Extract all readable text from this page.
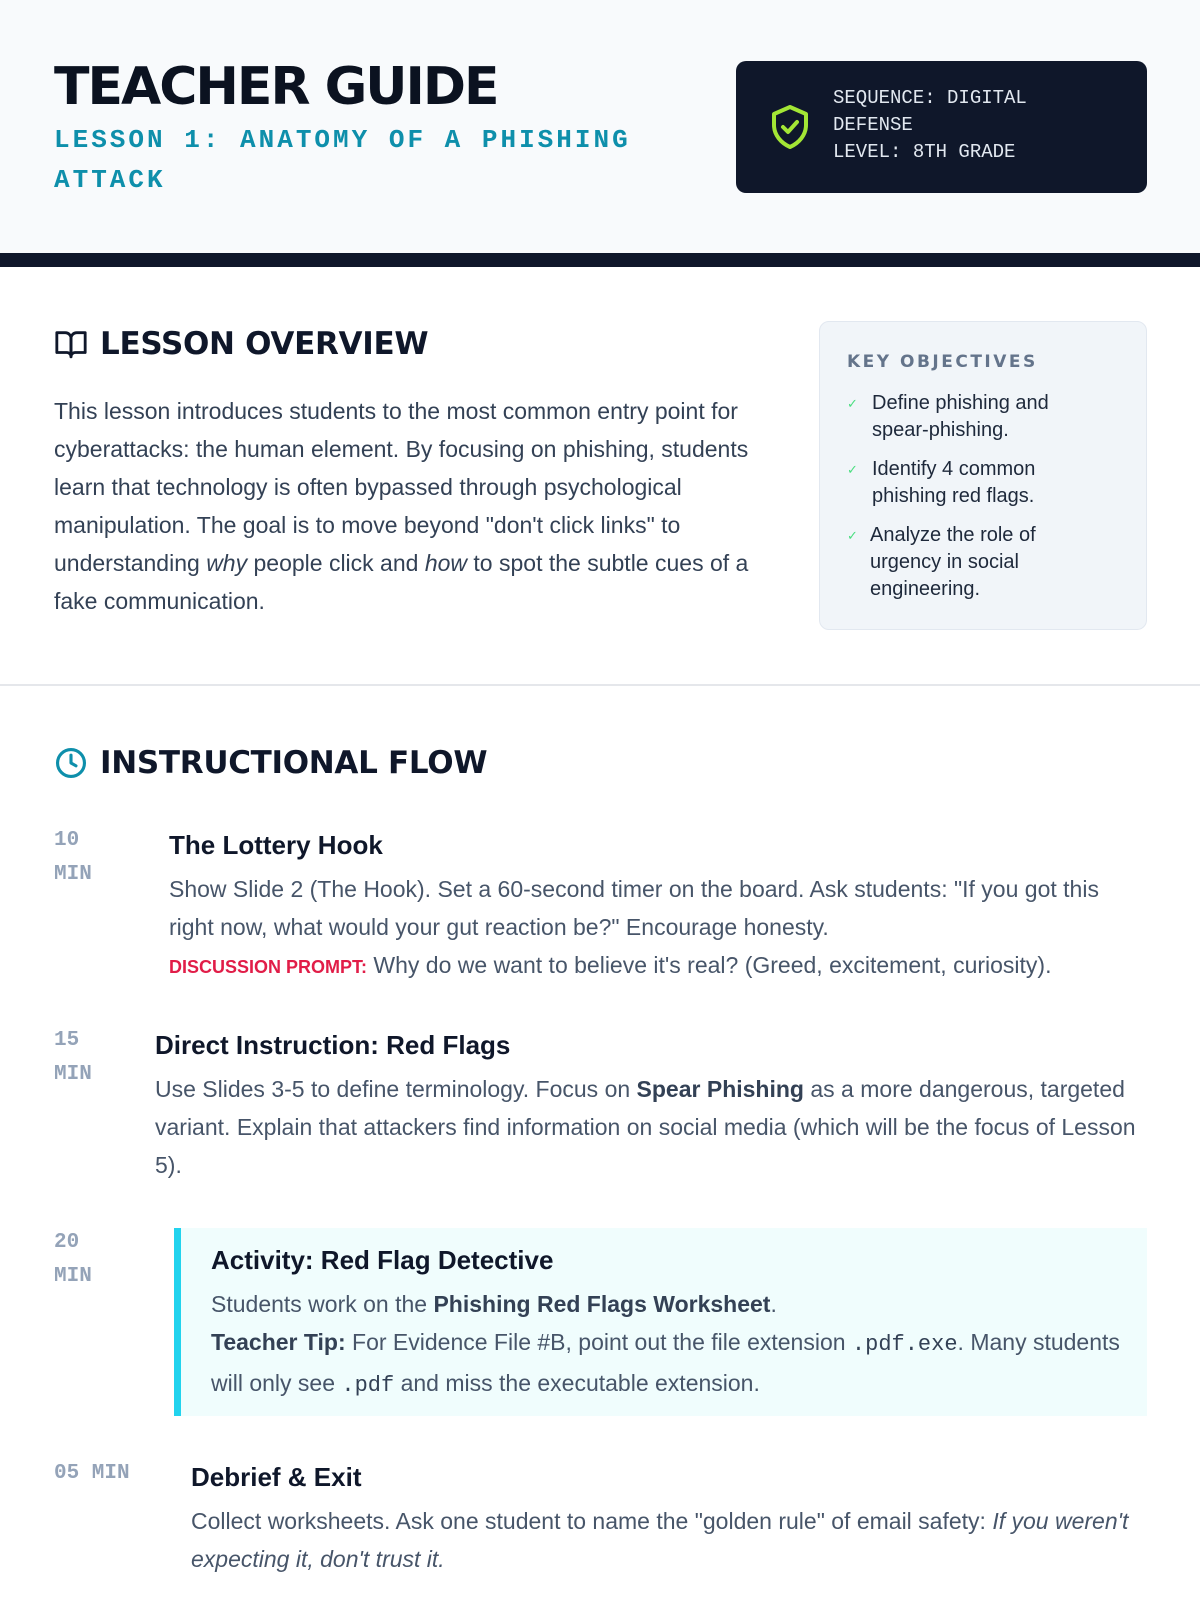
TEACHER GUIDE
LESSON 1: ANATOMY OF A PHISHING ATTACK
SEQUENCE: DIGITAL
DEFENSE
LEVEL: 8TH GRADE
LESSON OVERVIEW

This lesson introduces students to the most common entry point for cyberattacks: the human element. By focusing on phishing, students learn that technology is often bypassed through psychological manipulation. The goal is to move beyond "don't click links" to understanding why people click and how to spot the subtle cues of a fake communication.

KEY OBJECTIVES
✓ Define phishing and spear-phishing.
✓ Identify 4 common phishing red flags.
✓ Analyze the role of urgency in social engineering.
INSTRUCTIONAL FLOW
10
MIN
The Lottery Hook
Show Slide 2 (The Hook). Set a 60-second timer on the board. Ask students: "If you got this right now, what would your gut reaction be?" Encourage honesty.
DISCUSSION PROMPT: Why do we want to believe it's real? (Greed, excitement, curiosity).
15
MIN
Direct Instruction: Red Flags
Use Slides 3-5 to define terminology. Focus on Spear Phishing as a more dangerous, targeted variant. Explain that attackers find information on social media (which will be the focus of Lesson 5).
20
MIN
Activity: Red Flag Detective
Students work on the Phishing Red Flags Worksheet.
Teacher Tip: For Evidence File #B, point out the file extension .pdf.exe. Many students will only see .pdf and miss the executable extension.
05 MIN Debrief & Exit
Collect worksheets. Ask one student to name the "golden rule" of email safety: If you weren't expecting it, don't trust it.
